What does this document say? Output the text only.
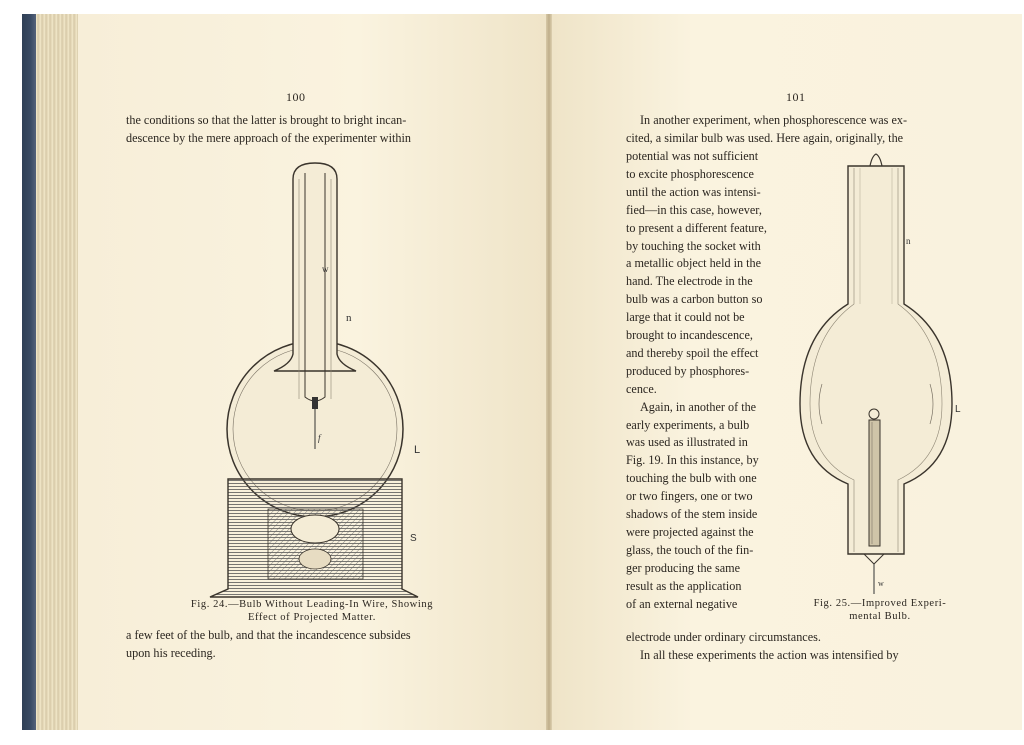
100
the conditions so that the latter is brought to bright incan-
descence by the mere approach of the experimenter within
w
n
f
L
S
Fig. 24.—Bulb Without Leading-In Wire, Showing
Effect of Projected Matter.
a few feet of the bulb, and that the incandescence subsides
upon his receding.
101
In another experiment, when phosphorescence was ex-
cited, a similar bulb was used. Here again, originally, the
potential was not sufficient
to excite phosphorescence
until the action was intensi-
fied—in this case, however,
to present a different feature,
by touching the socket with
a metallic object held in the
hand. The electrode in the
bulb was a carbon button so
large that it could not be
brought to incandescence,
and thereby spoil the effect
produced by phosphores-
cence.
Again, in another of the
early experiments, a bulb
was used as illustrated in
Fig. 19. In this instance, by
touching the bulb with one
or two fingers, one or two
shadows of the stem inside
were projected against the
glass, the touch of the fin-
ger producing the same
result as the application
of an external negative
n
L
w
Fig. 25.—Improved Experi-
mental Bulb.
electrode under ordinary circumstances.
In all these experiments the action was intensified by
